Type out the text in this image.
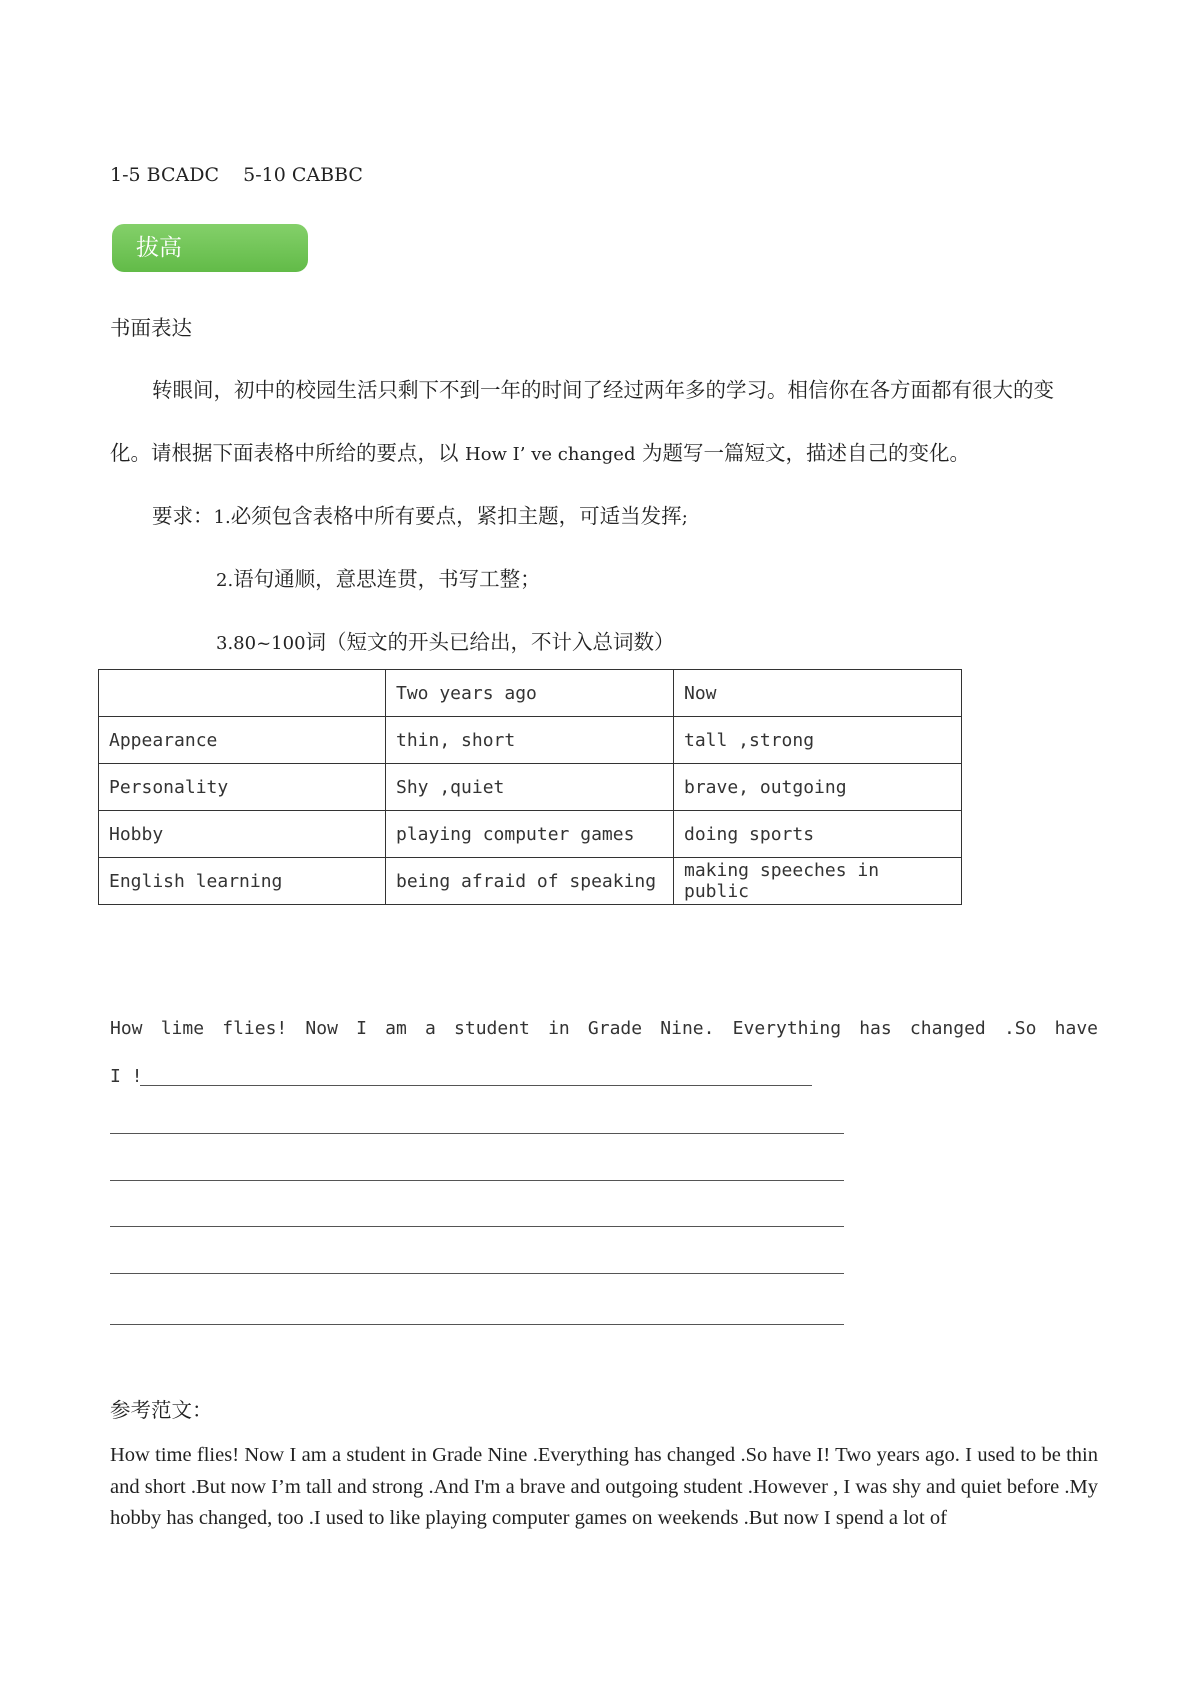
1-5 BCADC    5-10 CABBC
拔高
书面表达
转眼间，初中的校园生活只剩下不到一年的时间了经过两年多的学习。相信你在各方面都有很大的变
化。请根据下面表格中所给的要点，以 How I’ ve changed 为题写一篇短文，描述自己的变化。
要求：1.必须包含表格中所有要点，紧扣主题，可适当发挥;
2.语句通顺，意思连贯，书写工整；
3.80~100词（短文的开头已给出，不计入总词数）
	Two years ago	Now
Appearance	thin, short	tall ,strong
Personality	Shy ,quiet	brave, outgoing
Hobby	playing computer games	doing sports
English learning	being afraid of speaking	making speeches in public
How lime flies! Now I am a student in Grade Nine. Everything has changed .So have
I !
参考范文：
How time flies! Now I am a student in Grade Nine .Everything has changed .So have I! Two years ago. I used to be thin and short .But now I’m tall and strong .And I'm a brave and outgoing student .However , I was shy and quiet before .My hobby has changed, too .I used to like playing computer games on weekends .But now I spend a lot of
